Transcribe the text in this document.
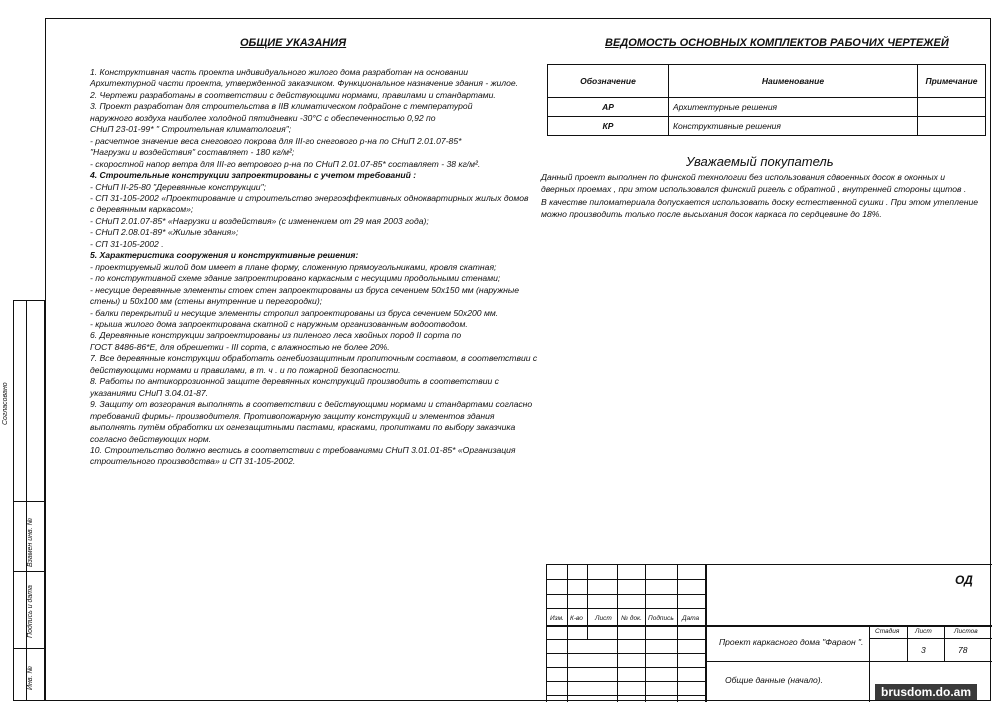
Согласовано
Взамен инв. №
Подпись и дата
Инв. №
ОБЩИЕ УКАЗАНИЯ
1. Конструктивная часть проекта индивидуального жилого дома разработан на основании
Архитектурной части проекта, утвержденной заказчиком. Функциональное назначение здания - жилое.
2. Чертежи разработаны в соответствии с действующими нормами, правилами и стандартами.
3. Проект разработан для строительства в IIВ климатическом подрайоне с температурой
наружного воздуха наиболее холодной пятидневки -30°С с обеспеченностью 0,92 по
СНиП 23-01-99* " Строительная климатология";
- расчетное значение веса снегового покрова для III-го снегового р-на по СНиП 2.01.07-85*
"Нагрузки и воздействия" составляет - 180 кг/м²;
- скоростной напор ветра для III-го ветрового р-на по СНиП 2.01.07-85* составляет - 38 кг/м².
4. Строительные конструкции запроектированы с учетом требований :
- СНиП II-25-80 "Деревянные конструкции";
- СП 31-105-2002 «Проектирование и строительство энергоэффективных одноквартирных жилых домов
с деревянным каркасом»;
- СНиП 2.01.07-85* «Нагрузки и воздействия» (с изменением от 29 мая 2003 года);
- СНиП 2.08.01-89* «Жилые здания»;
- СП 31-105-2002 .
5. Характеристика сооружения и конструктивные решения:
- проектируемый жилой дом имеет в плане форму, сложенную прямоугольниками, кровля скатная;
- по конструктивной схеме здание запроектировано каркасным с несущими продольными стенами;
- несущие деревянные элементы стоек стен запроектированы из бруса сечением 50х150 мм (наружные
стены) и 50х100 мм (стены внутренние и перегородки);
- балки перекрытий и несущие элементы стропил запроектированы из бруса сечением 50х200 мм.
- крыша жилого дома запроектирована скатной с наружным организованным водоотводом.
6. Деревянные конструкции запроектированы из пиленого леса хвойных пород II сорта по
ГОСТ 8486-86*Е, для обрешетки - III сорта, с влажностью не более 20%.
7. Все деревянные конструкции обработать огнебиозащитным пропиточным составом, в соответствии с
действующими нормами и правилами, в т. ч . и по пожарной безопасности.
8. Работы по антикоррозионной защите деревянных конструкций производить в соответствии с
указаниями СНиП 3.04.01-87.
9. Защиту от возгорания выполнять в соответствии с действующими нормами и стандартами согласно
требований фирмы- производителя. Противопожарную защиту конструкций и элементов здания
выполнять путём обработки их огнезащитными пастами, красками, пропитками по выбору заказчика
согласно действующих норм.
10. Строительство должно вестись в соответствии с требованиями СНиП 3.01.01-85* «Организация
строительного производства» и СП 31-105-2002.
ВЕДОМОСТЬ ОСНОВНЫХ КОМПЛЕКТОВ РАБОЧИХ ЧЕРТЕЖЕЙ
Обозначение	Наименование	Примечание
АР	Архитектурные решения	
КР	Конструктивные решения	
Уважаемый покупатель
Данный проект выполнен по финской технологии без использования сдвоенных досок в оконных и
дверных проемах , при этом использовался финский ригель с обратной , внутренней стороны щитов .
В качестве пиломатериала допускается использовать доску естественной сушки . При этом утепление
можно производить только после высыхания досок каркаса по сердцевине до 18%.
ОД
Изм. К-во Лист № док. Подпись Дата
Проект каркасного дома "Фараон ".
Стадия Лист	Листов
3	78
Общие данные (начало).
brusdom.do.am
